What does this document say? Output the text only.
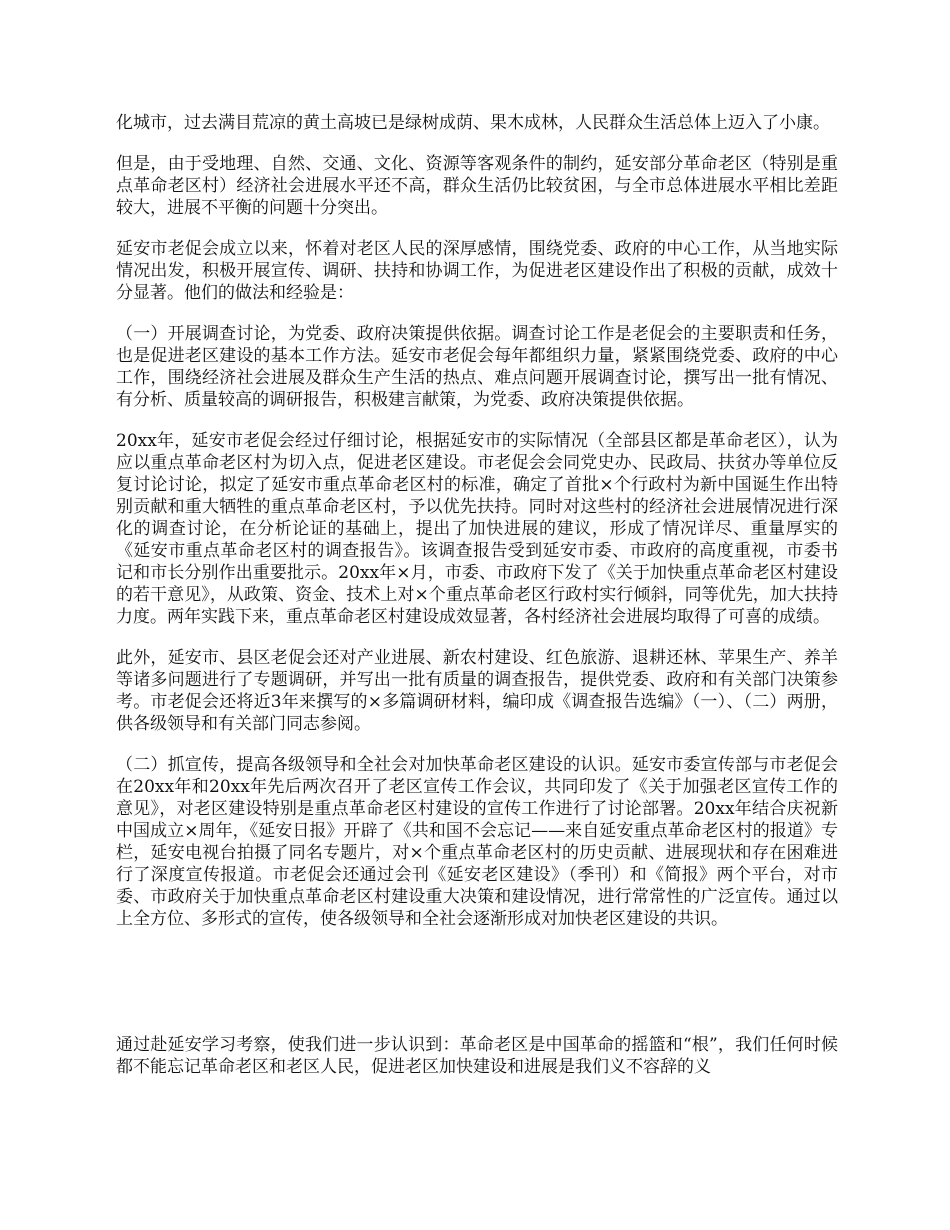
化城市，过去满目荒凉的黄土高坡已是绿树成荫、果木成林，人民群众生活总体上迈入了小康。

但是，由于受地理、自然、交通、文化、资源等客观条件的制约，延安部分革命老区（特别是重点革命老区村）经济社会进展水平还不高，群众生活仍比较贫困，与全市总体进展水平相比差距较大，进展不平衡的问题十分突出。

延安市老促会成立以来，怀着对老区人民的深厚感情，围绕党委、政府的中心工作，从当地实际情况出发，积极开展宣传、调研、扶持和协调工作，为促进老区建设作出了积极的贡献，成效十分显著。他们的做法和经验是：

（一）开展调查讨论，为党委、政府决策提供依据。调查讨论工作是老促会的主要职责和任务，也是促进老区建设的基本工作方法。延安市老促会每年都组织力量，紧紧围绕党委、政府的中心工作，围绕经济社会进展及群众生产生活的热点、难点问题开展调查讨论，撰写出一批有情况、有分析、质量较高的调研报告，积极建言献策，为党委、政府决策提供依据。

20xx年，延安市老促会经过仔细讨论，根据延安市的实际情况（全部县区都是革命老区），认为应以重点革命老区村为切入点，促进老区建设。市老促会会同党史办、民政局、扶贫办等单位反复讨论讨论，拟定了延安市重点革命老区村的标准，确定了首批×个行政村为新中国诞生作出特别贡献和重大牺牲的重点革命老区村，予以优先扶持。同时对这些村的经济社会进展情况进行深化的调查讨论，在分析论证的基础上，提出了加快进展的建议，形成了情况详尽、重量厚实的《延安市重点革命老区村的调查报告》。该调查报告受到延安市委、市政府的高度重视，市委书记和市长分别作出重要批示。20xx年×月，市委、市政府下发了《关于加快重点革命老区村建设的若干意见》，从政策、资金、技术上对×个重点革命老区行政村实行倾斜，同等优先，加大扶持力度。两年实践下来，重点革命老区村建设成效显著，各村经济社会进展均取得了可喜的成绩。

此外，延安市、县区老促会还对产业进展、新农村建设、红色旅游、退耕还林、苹果生产、养羊等诸多问题进行了专题调研，并写出一批有质量的调查报告，提供党委、政府和有关部门决策参考。市老促会还将近3年来撰写的×多篇调研材料，编印成《调查报告选编》（一）、（二）两册，供各级领导和有关部门同志参阅。

（二）抓宣传，提高各级领导和全社会对加快革命老区建设的认识。延安市委宣传部与市老促会在20xx年和20xx年先后两次召开了老区宣传工作会议，共同印发了《关于加强老区宣传工作的意见》，对老区建设特别是重点革命老区村建设的宣传工作进行了讨论部署。20xx年结合庆祝新中国成立×周年，《延安日报》开辟了《共和国不会忘记——来自延安重点革命老区村的报道》专栏，延安电视台拍摄了同名专题片，对×个重点革命老区村的历史贡献、进展现状和存在困难进行了深度宣传报道。市老促会还通过会刊《延安老区建设》（季刊）和《简报》两个平台，对市委、市政府关于加快重点革命老区村建设重大决策和建设情况，进行常常性的广泛宣传。通过以上全方位、多形式的宣传，使各级领导和全社会逐渐形成对加快老区建设的共识。

通过赴延安学习考察，使我们进一步认识到：革命老区是中国革命的摇篮和“根”，我们任何时候都不能忘记革命老区和老区人民，促进老区加快建设和进展是我们义不容辞的义
